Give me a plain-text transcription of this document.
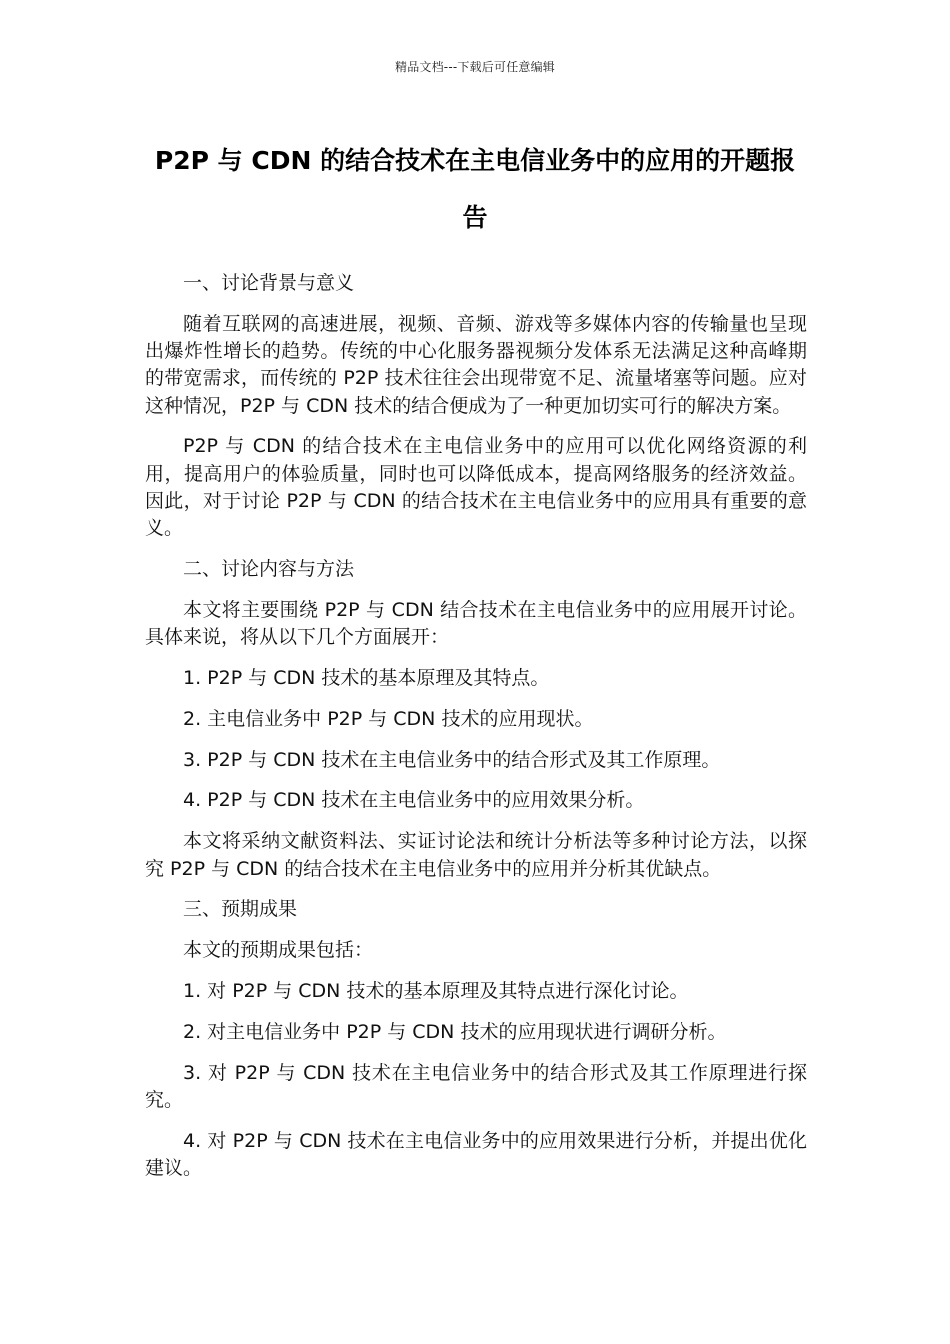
精品文档---下载后可任意编辑
P2P 与 CDN 的结合技术在主电信业务中的应用的开题报告

一、讨论背景与意义

随着互联网的高速进展，视频、音频、游戏等多媒体内容的传输量也呈现出爆炸性增长的趋势。传统的中心化服务器视频分发体系无法满足这种高峰期的带宽需求，而传统的 P2P 技术往往会出现带宽不足、流量堵塞等问题。应对这种情况，P2P 与 CDN 技术的结合便成为了一种更加切实可行的解决方案。

P2P 与 CDN 的结合技术在主电信业务中的应用可以优化网络资源的利用，提高用户的体验质量，同时也可以降低成本，提高网络服务的经济效益。因此，对于讨论 P2P 与 CDN 的结合技术在主电信业务中的应用具有重要的意义。

二、讨论内容与方法

本文将主要围绕 P2P 与 CDN 结合技术在主电信业务中的应用展开讨论。具体来说，将从以下几个方面展开：

1. P2P 与 CDN 技术的基本原理及其特点。

2. 主电信业务中 P2P 与 CDN 技术的应用现状。

3. P2P 与 CDN 技术在主电信业务中的结合形式及其工作原理。

4. P2P 与 CDN 技术在主电信业务中的应用效果分析。

本文将采纳文献资料法、实证讨论法和统计分析法等多种讨论方法，以探究 P2P 与 CDN 的结合技术在主电信业务中的应用并分析其优缺点。

三、预期成果

本文的预期成果包括：

1. 对 P2P 与 CDN 技术的基本原理及其特点进行深化讨论。

2. 对主电信业务中 P2P 与 CDN 技术的应用现状进行调研分析。

3. 对 P2P 与 CDN 技术在主电信业务中的结合形式及其工作原理进行探究。

4. 对 P2P 与 CDN 技术在主电信业务中的应用效果进行分析，并提出优化建议。
